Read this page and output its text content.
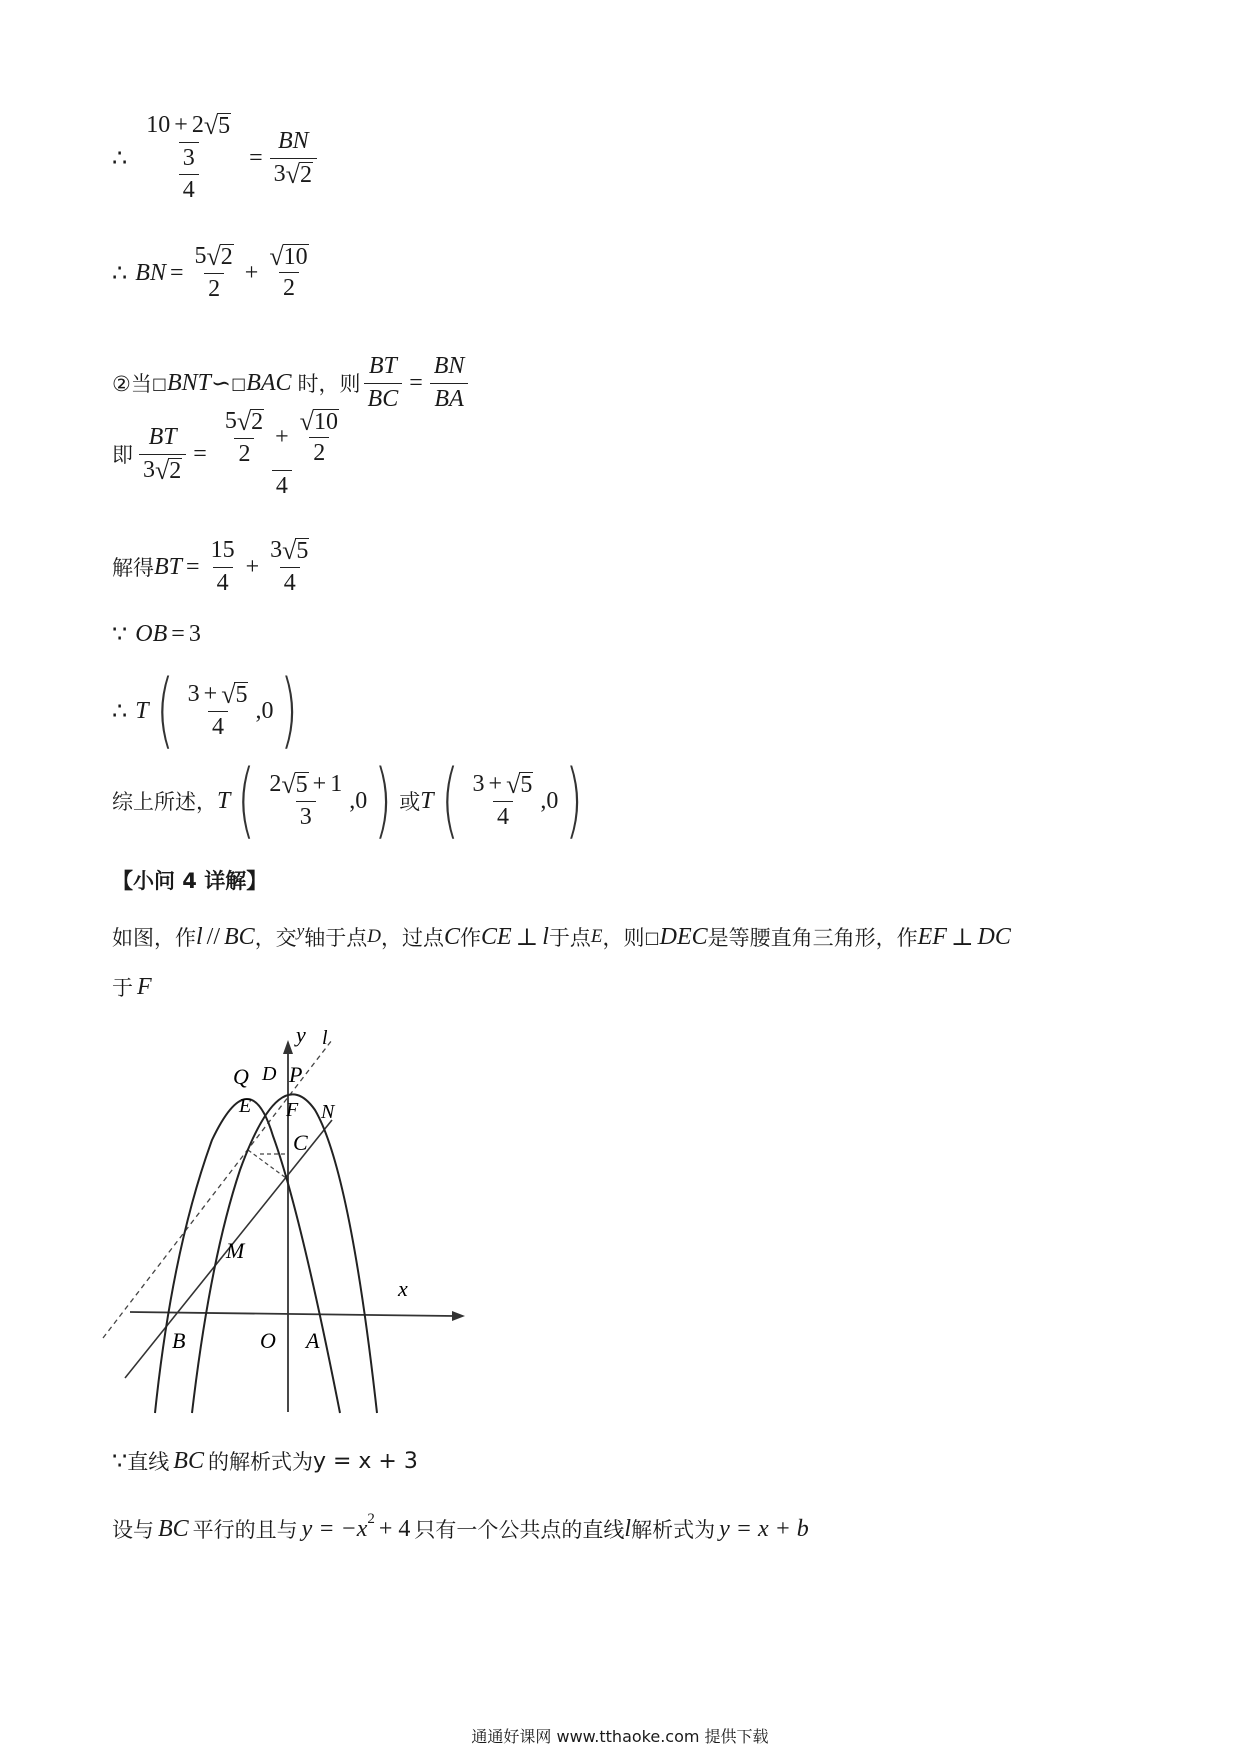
∴ $\frac{\frac{10 + 2 √ 5}{3}}{4} = \frac{BN}{3 √ 2}$
∴ BN = $\frac{5 √ 2}{2} + \frac{√ 10}{2}$
②当 □ BNT ∽ □ BAC 时，则 $\frac{BT}{BC} = \frac{BN}{BA}$
即 $\frac{BT}{3 √ 2} = \frac{\frac{5 √ 2}{2} + \frac{√ 10}{2}}{4}$
解得 BT = $\frac{15}{4} + \frac{3 √ 5}{4}$
∵ OB = 3
∴ T ( $\frac{3 + √ 5}{4}$ , 0 )
综上所述， T ( $\frac{2 √ 5 + 1}{3}$ , 0 ) 或 T ( $\frac{3 + √ 5}{4}$ , 0 )
【小问 4 详解】
如图，作 l // BC ，交 y 轴于点 D ，过点 C 作 CE ⊥ l 于点 E ，则 □ DEC 是等腰直角三角形，作 EF ⊥ DC
于 F
y l
Q D P
E F N
C
M
x
B	O A
∵ 直线 BC 的解析式为 y = x + 3
设与 BC 平行的且与 y = −x 2 + 4 只有一个公共点的直线 l 解析式为 y = x + b
通通好课网 www.tthaoke.com 提供下载
